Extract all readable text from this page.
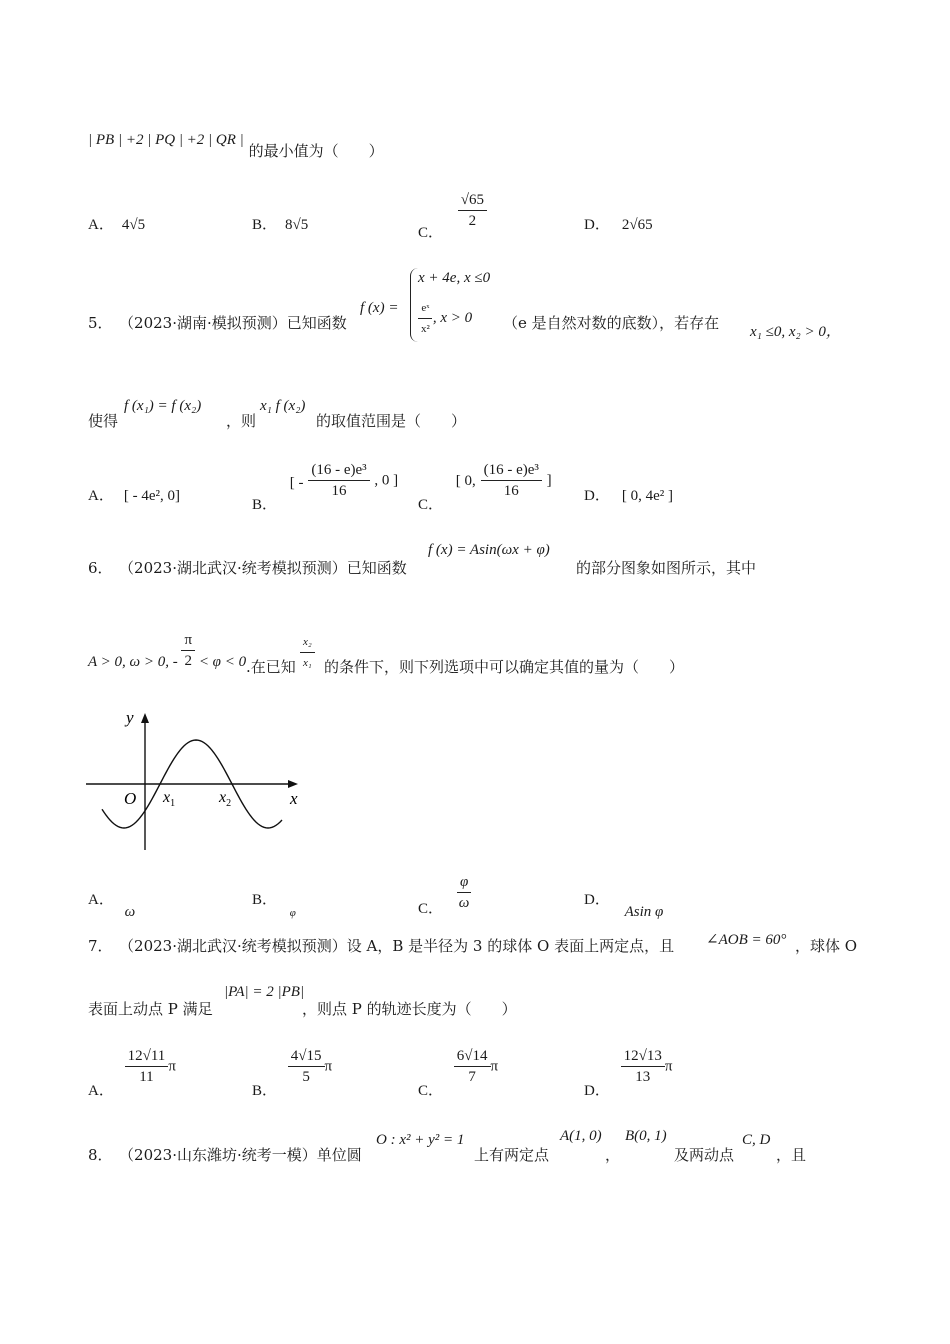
| PB | +2 | PQ | +2 | QR | 的最小值为（　　）
A． 4√5	B． 8√5	C．
$\frac{√65}{2}$	D． 2√65
5． （2023·湖南·模拟预测）已知函数
f (x) =
x + 4e, x ≤0
$\frac{\text{eˣ}}{\text{x²}}$ , x > 0 （e 是自然对数的底数），若存在 x₁ ≤0, x₂ > 0，
使得
f (x₁) = f (x₂)
，则
x₁ f (x₂)
的取值范围是（　　）
A． [ - 4e², 0]
B． [ - $\frac{\text{(16 - e)e³}}{16}$ , 0 ]
C． [ 0, $\frac{\text{(16 - e)e³}}{16}$ ]
D． [ 0, 4e² ]
6． （2023·湖北武汉·统考模拟预测）已知函数
f (x) = Asin(ωx + φ)
的部分图象如图所示，其中
A > 0, ω > 0, - $\frac{\pi}{2} < \varphi < 0$ .在已知 $\frac{\text{x₂}}{\text{x₁}}$ 的条件下，则下列选项中可以确定其值的量为（　　）
y
x
O $x_1$	$x_2$
A． ω
B． $_\varphi$	C． $\frac{\varphi}{\omega}$	D． Asin φ
7． （2023·湖北武汉·统考模拟预测）设 A，B 是半径为 3 的球体 O 表面上两定点，且 ∠AOB = 60° ，球体 O
表面上动点 P 满足
|PA| = 2 |PB|
，则点 P 的轨迹长度为（　　）
A．
$\frac{12√11}{11}$ π
B．
$\frac{4√15}{5}$ π
C．
$\frac{6√14}{7}$ π
D．
$\frac{12√13}{13}$ π
8． （2023·山东潍坊·统考一模）单位圆
O : x² + y² = 1
上有两定点
A(1, 0)
，
B(0, 1)
及两动点
C, D
，且
